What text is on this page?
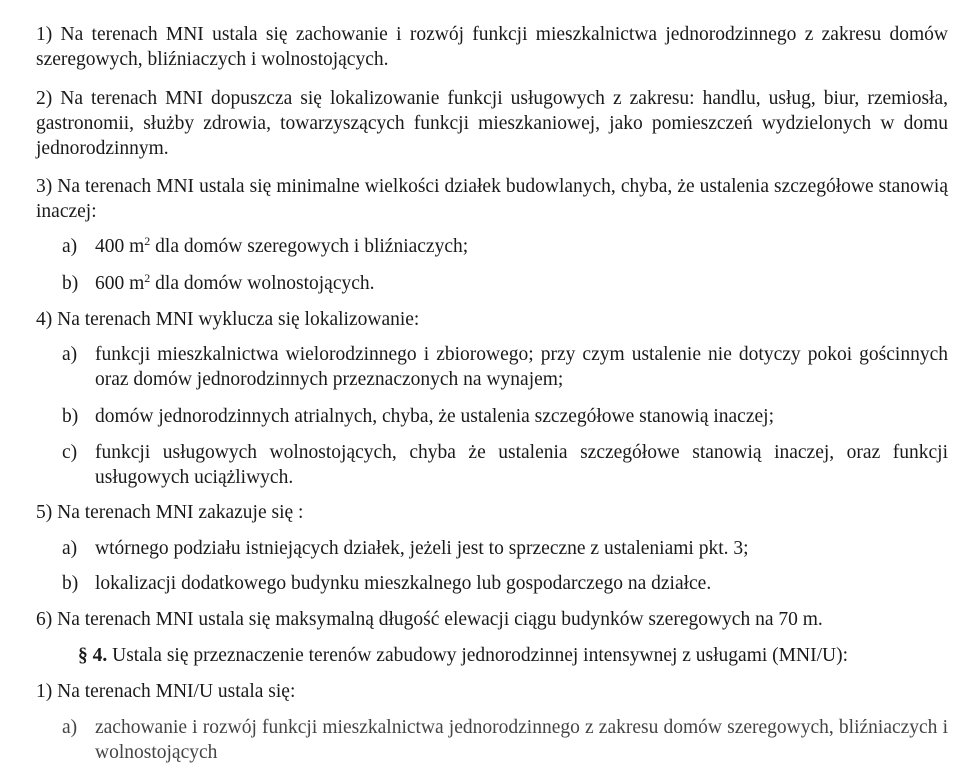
1) Na terenach MNI ustala się zachowanie i rozwój funkcji mieszkalnictwa jednorodzinnego z zakresu domów szeregowych, bliźniaczych i wolnostojących.

2) Na terenach MNI dopuszcza się lokalizowanie funkcji usługowych z zakresu: handlu, usług, biur, rzemiosła, gastronomii, służby zdrowia, towarzyszących funkcji mieszkaniowej, jako pomieszczeń wydzielonych w domu jednorodzinnym.

3) Na terenach MNI ustala się minimalne wielkości działek budowlanych, chyba, że ustalenia szczegółowe stanowią inaczej:

a) 400 $m^2$ dla domów szeregowych i bliźniaczych;
b) 600 $m^2$ dla domów wolnostojących.

4) Na terenach MNI wyklucza się lokalizowanie:

a) funkcji mieszkalnictwa wielorodzinnego i zbiorowego; przy czym ustalenie nie dotyczy pokoi gościnnych oraz domów jednorodzinnych przeznaczonych na wynajem;
b) domów jednorodzinnych atrialnych, chyba, że ustalenia szczegółowe stanowią inaczej;
c) funkcji usługowych wolnostojących, chyba że ustalenia szczegółowe stanowią inaczej, oraz funkcji usługowych uciążliwych.

5) Na terenach MNI zakazuje się :

a) wtórnego podziału istniejących działek, jeżeli jest to sprzeczne z ustaleniami pkt. 3;
b) lokalizacji dodatkowego budynku mieszkalnego lub gospodarczego na działce.

6) Na terenach MNI ustala się maksymalną długość elewacji ciągu budynków szeregowych na 70 m.

§ 4. Ustala się przeznaczenie terenów zabudowy jednorodzinnej intensywnej z usługami (MNI/U):

1) Na terenach MNI/U ustala się:

a) zachowanie i rozwój funkcji mieszkalnictwa jednorodzinnego z zakresu domów szeregowych, bliźniaczych i wolnostojących
